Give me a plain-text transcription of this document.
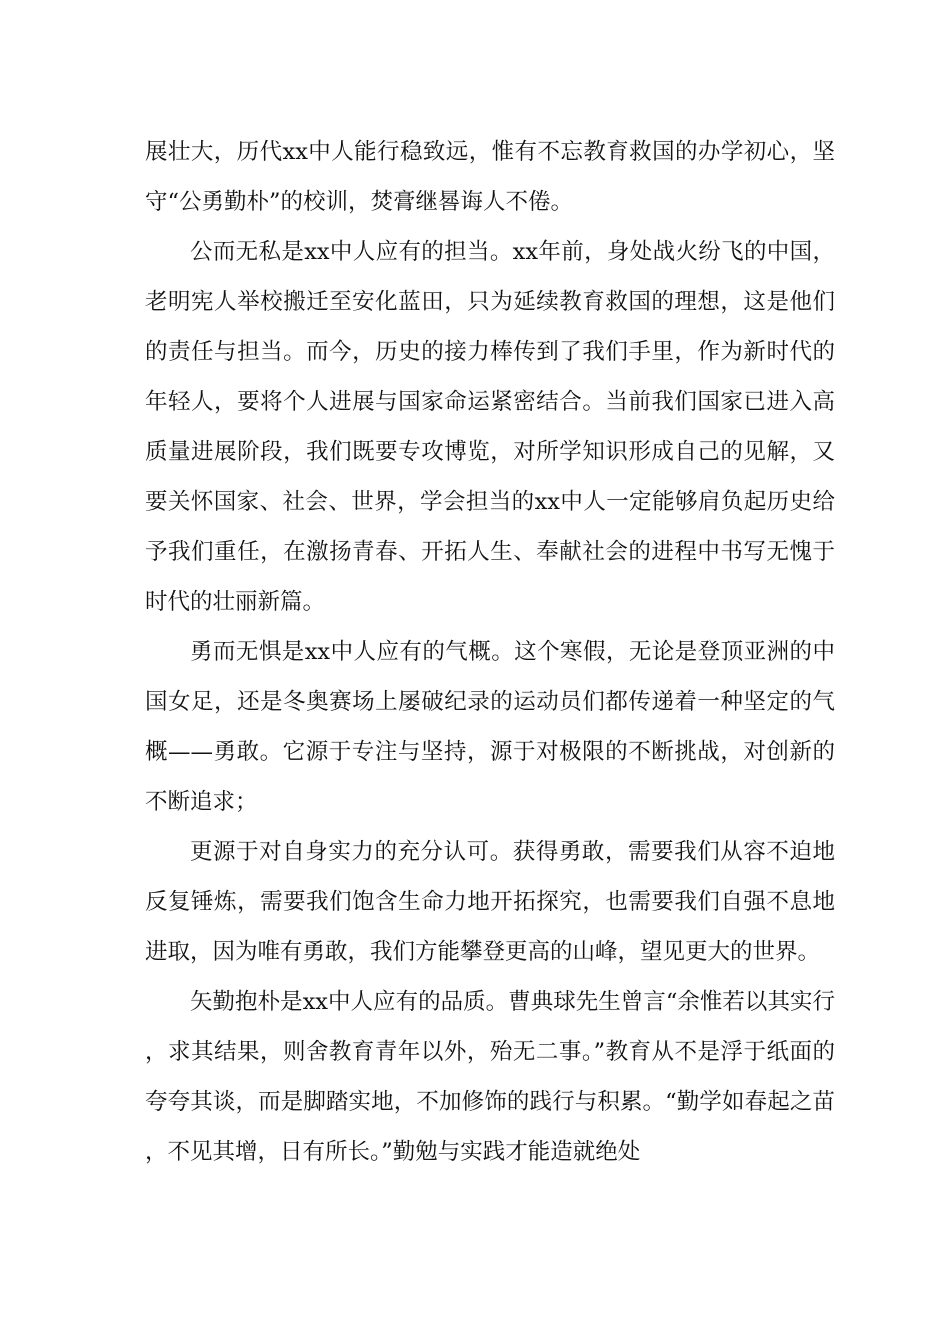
展壮大，历代xx中人能行稳致远，惟有不忘教育救国的办学初心，坚守“公勇勤朴”的校训，焚膏继晷诲人不倦。

公而无私是xx中人应有的担当。xx年前，身处战火纷飞的中国，老明宪人举校搬迁至安化蓝田，只为延续教育救国的理想，这是他们的责任与担当。而今，历史的接力棒传到了我们手里，作为新时代的年轻人，要将个人进展与国家命运紧密结合。当前我们国家已进入高质量进展阶段，我们既要专攻博览，对所学知识形成自己的见解，又要关怀国家、社会、世界，学会担当的xx中人一定能够肩负起历史给予我们重任，在激扬青春、开拓人生、奉献社会的进程中书写无愧于时代的壮丽新篇。

勇而无惧是xx中人应有的气概。这个寒假，无论是登顶亚洲的中国女足，还是冬奥赛场上屡破纪录的运动员们都传递着一种坚定的气概——勇敢。它源于专注与坚持，源于对极限的不断挑战，对创新的不断追求；

更源于对自身实力的充分认可。获得勇敢，需要我们从容不迫地反复锤炼，需要我们饱含生命力地开拓探究，也需要我们自强不息地进取，因为唯有勇敢，我们方能攀登更高的山峰，望见更大的世界。

矢勤抱朴是xx中人应有的品质。曹典球先生曾言“余惟若以其实行，求其结果，则舍教育青年以外，殆无二事。”教育从不是浮于纸面的夸夸其谈，而是脚踏实地，不加修饰的践行与积累。“勤学如春起之苗，不见其增，日有所长。”勤勉与实践才能造就绝处
